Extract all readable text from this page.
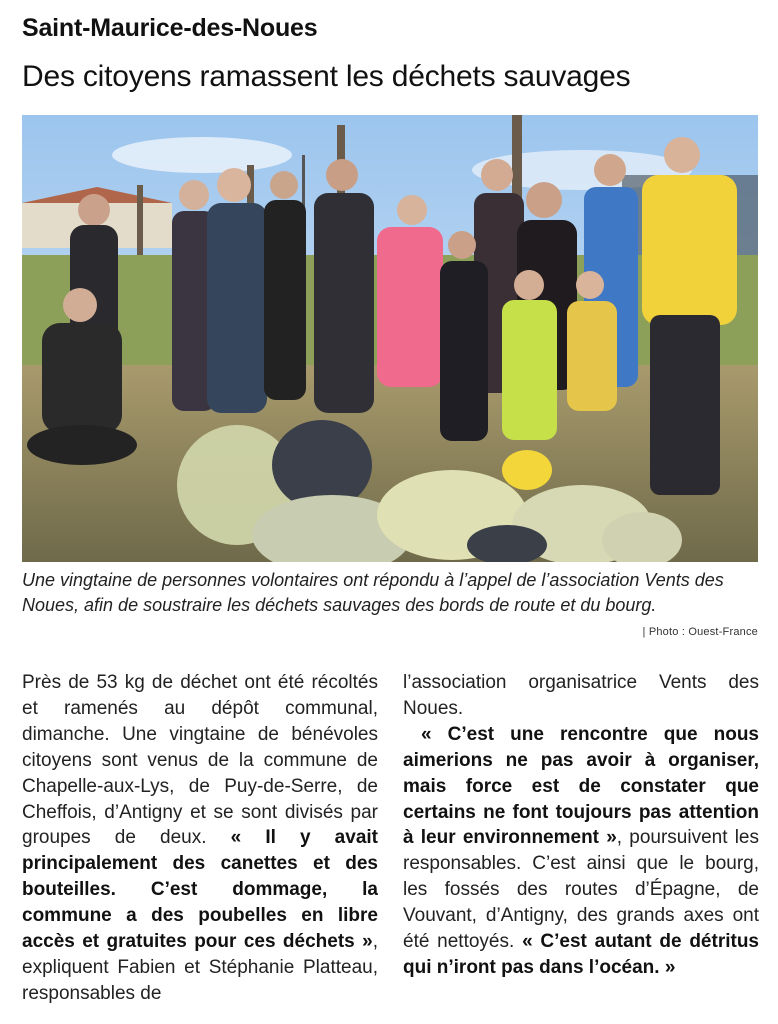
Saint-Maurice-des-Noues
Des citoyens ramassent les déchets sauvages
Une vingtaine de personnes volontaires ont répondu à l’appel de l’association Vents des Noues, afin de soustraire les déchets sauvages des bords de route et du bourg.
| Photo : Ouest-France

Près de 53 kg de déchet ont été récoltés et ramenés au dépôt communal, dimanche. Une vingtaine de bénévoles citoyens sont venus de la commune de Chapelle-aux-Lys, de Puy-de-Serre, de Cheffois, d’Antigny et se sont divisés par groupes de deux. « Il y avait principalement des canettes et des bouteilles. C’est dommage, la commune a des poubelles en libre accès et gratuites pour ces déchets », expliquent Fabien et Stéphanie Platteau, responsables de

l’association organisatrice Vents des Noues.

« C’est une rencontre que nous aimerions ne pas avoir à organiser, mais force est de constater que certains ne font toujours pas attention à leur environnement », poursuivent les responsables. C’est ainsi que le bourg, les fossés des routes d’Épagne, de Vouvant, d’Antigny, des grands axes ont été nettoyés. « C’est autant de détritus qui n’iront pas dans l’océan. »
